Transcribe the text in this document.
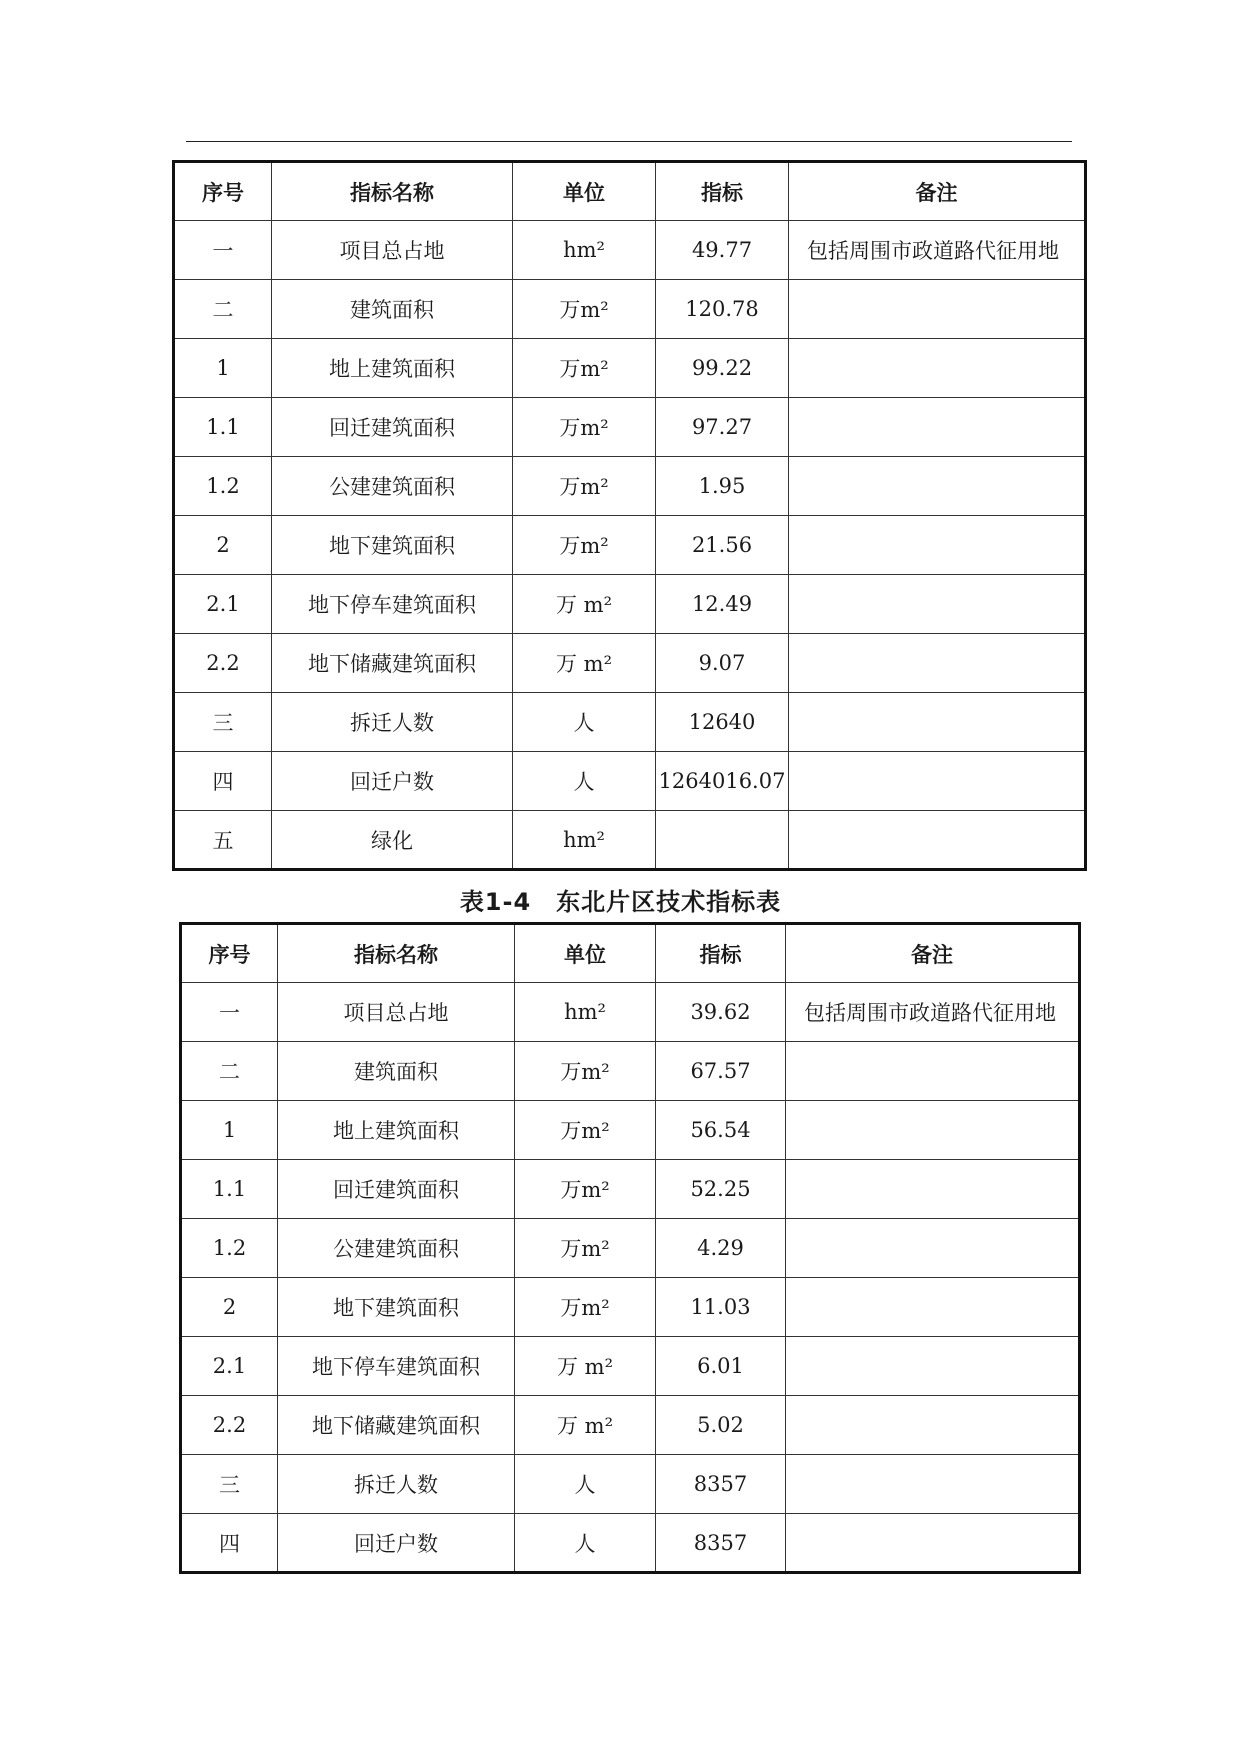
序号	指标名称	单位	指标	备注
一	项目总占地	hm²	49.77	包括周围市政道路代征用地
二	建筑面积	万m²	120.78	
1	地上建筑面积	万m²	99.22	
1.1	回迁建筑面积	万m²	97.27	
1.2	公建建筑面积	万m²	1.95	
2	地下建筑面积	万m²	21.56	
2.1	地下停车建筑面积	万 m²	12.49	
2.2	地下储藏建筑面积	万 m²	9.07	
三	拆迁人数	人	12640	
四	回迁户数	人	1264016.07	
五	绿化	hm²		
表1-4　东北片区技术指标表
序号	指标名称	单位	指标	备注
一	项目总占地	hm²	39.62	包括周围市政道路代征用地
二	建筑面积	万m²	67.57	
1	地上建筑面积	万m²	56.54	
1.1	回迁建筑面积	万m²	52.25	
1.2	公建建筑面积	万m²	4.29	
2	地下建筑面积	万m²	11.03	
2.1	地下停车建筑面积	万 m²	6.01	
2.2	地下储藏建筑面积	万 m²	5.02	
三	拆迁人数	人	8357	
四	回迁户数	人	8357	
